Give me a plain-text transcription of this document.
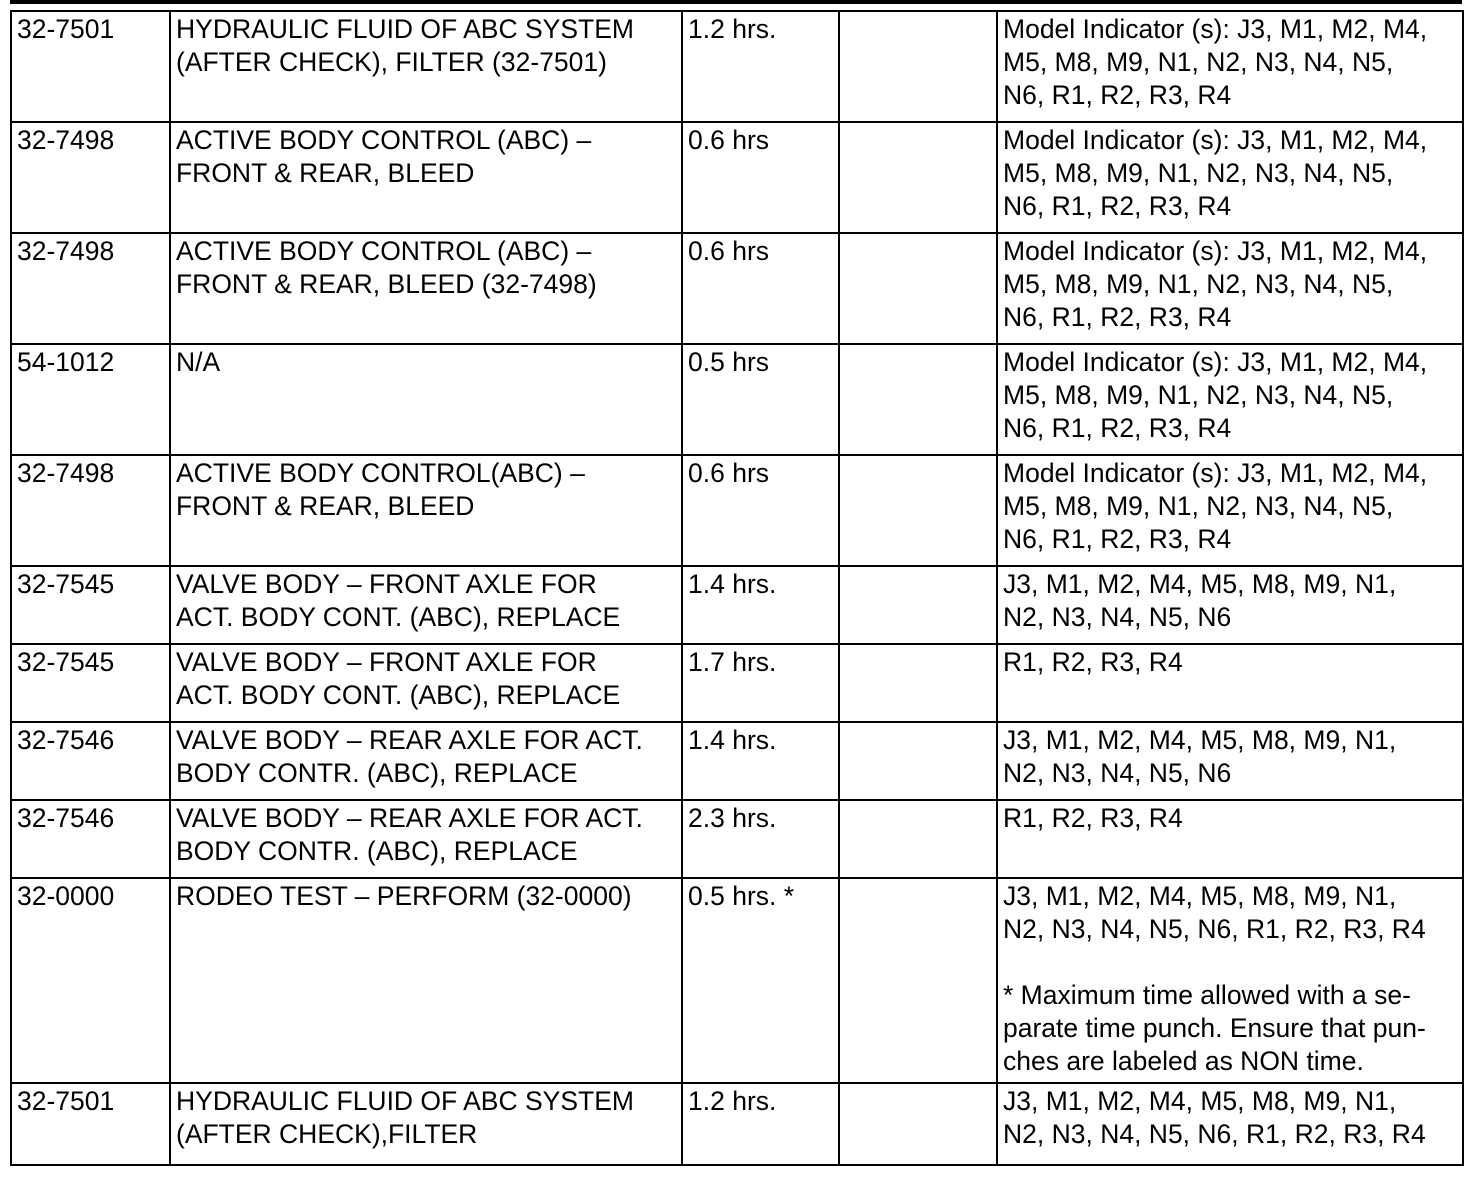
32-7501	HYDRAULIC FLUID OF ABC SYSTEM
(AFTER CHECK), FILTER (32-7501)	1.2 hrs.		Model Indicator (s): J3, M1, M2, M4,
M5, M8, M9, N1, N2, N3, N4, N5,
N6, R1, R2, R3, R4

32-7498	ACTIVE BODY CONTROL (ABC) –
FRONT & REAR, BLEED	0.6 hrs		Model Indicator (s): J3, M1, M2, M4,
M5, M8, M9, N1, N2, N3, N4, N5,
N6, R1, R2, R3, R4

32-7498	ACTIVE BODY CONTROL (ABC) –
FRONT & REAR, BLEED (32-7498)	0.6 hrs		Model Indicator (s): J3, M1, M2, M4,
M5, M8, M9, N1, N2, N3, N4, N5,
N6, R1, R2, R3, R4

54-1012	N/A	0.5 hrs		Model Indicator (s): J3, M1, M2, M4,
M5, M8, M9, N1, N2, N3, N4, N5,
N6, R1, R2, R3, R4

32-7498	ACTIVE BODY CONTROL(ABC) –
FRONT & REAR, BLEED	0.6 hrs		Model Indicator (s): J3, M1, M2, M4,
M5, M8, M9, N1, N2, N3, N4, N5,
N6, R1, R2, R3, R4

32-7545	VALVE BODY – FRONT AXLE FOR
ACT. BODY CONT. (ABC), REPLACE	1.4 hrs.		J3, M1, M2, M4, M5, M8, M9, N1,
N2, N3, N4, N5, N6

32-7545	VALVE BODY – FRONT AXLE FOR
ACT. BODY CONT. (ABC), REPLACE	1.7 hrs.		R1, R2, R3, R4

32-7546	VALVE BODY – REAR AXLE FOR ACT.
BODY CONTR. (ABC), REPLACE	1.4 hrs.		J3, M1, M2, M4, M5, M8, M9, N1,
N2, N3, N4, N5, N6

32-7546	VALVE BODY – REAR AXLE FOR ACT.
BODY CONTR. (ABC), REPLACE	2.3 hrs.		R1, R2, R3, R4

32-0000	RODEO TEST – PERFORM (32-0000)	0.5 hrs. *		J3, M1, M2, M4, M5, M8, M9, N1,
N2, N3, N4, N5, N6, R1, R2, R3, R4
* Maximum time allowed with a se-
parate time punch. Ensure that pun-
ches are labeled as NON time.

32-7501	HYDRAULIC FLUID OF ABC SYSTEM
(AFTER CHECK),FILTER	1.2 hrs.		J3, M1, M2, M4, M5, M8, M9, N1,
N2, N3, N4, N5, N6, R1, R2, R3, R4
